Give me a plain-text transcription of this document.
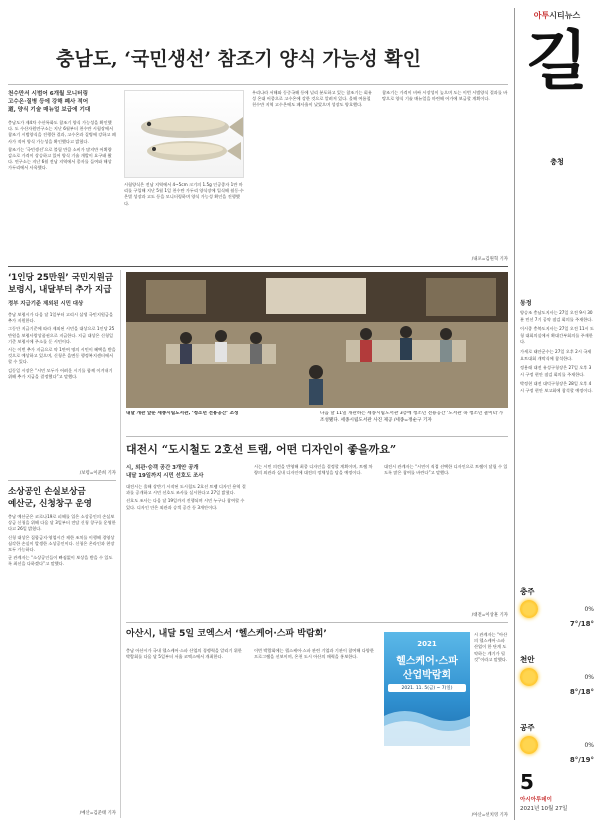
충남도, ‘국민생선’ 참조기 양식 가능성 확인
천수만서 시범어 6개월 모니터링
고수온·질병 등에 강해 폐사 적어
道, 양식 기술 매뉴얼 보급에 기대

충남도가 제4차 수산특화도 참조기 양식 가능성을 확인했다. 도 수산자원연구소는 지난 6월부터 천수만 시험장에서 참조기 시범양식을 진행한 결과, 고수온과 질병에 강하고 폐사가 적어 양식 가능성을 확인했다고 밝혔다.

참조기는 ‘국민생선’으로 불릴 만큼 소비가 많지만 어획량 감소로 가격이 상승하고 있어 양식 기술 개발이 요구돼 왔다. 연구소는 지난 6월 전남 지역에서 종자를 들여와 해상 가두리에서 사육했다.

시험양식은 전남 지역에서 4~5cm 크기의 1.5g 인공종자 1만 마리를 구입해 지난 5월 1일 천수만 가두리 양식장에 입식해 월동·수온별 성장과 고도 등을 모니터링하며 양식 가능성 확인을 진행했다.

우리나라 서해와 동중국해 등에 널리 분포하고 있는 참조기는 회유성 온대 어종으로 고수온에 강한 것으로 알려져 있다. 올해 여름철 천수만 지역 고수온에도 폐사율이 낮았으며 성장도 양호했다.

참조기는 가격이 비싸 시장성이 높으며 도는 이번 시범양식 결과를 바탕으로 양식 기술 매뉴얼을 마련해 어가에 보급할 계획이다.

/내포=김원혁 기자
‘1인당 25만원’ 국민지원금
보령시, 내달부터 추가 지급
정부 지급기준 제외된 시민 대상

충남 보령시가 다음 달 1일부터 고리시 삼생 국민지원금을 추가 지원한다.

그동안 지급기준에 따라 제외된 시민을 대상으로 1인당 25만원을 보령사랑상품권으로 지급한다. 지급 대상은 신청일 기준 보령시에 주소를 둔 시민이다.

시는 이번 추가 지급으로 약 1만여 명의 시민이 혜택을 받을 것으로 예상하고 있으며, 신청은 읍면동 행정복지센터에서 할 수 있다.

김동일 시장은 “시민 모두가 어려운 시기를 함께 이겨내기 위해 추가 지급을 결정했다”고 말했다.

/보령=이준희 기자
소상공인 손실보상금
예산군, 신청창구 운영

충남 예산군은 코로나19로 피해를 입은 소상공인의 손실보상금 신청을 위해 다음 달 3일부터 전담 신청 창구를 운영한다고 26일 밝혔다.

신청 대상은 집합금지·영업시간 제한 조치를 이행해 경영상 심각한 손실이 발생한 소상공인이다. 신청은 온라인과 현장 모두 가능하다.

군 관계자는 “소상공인들이 빠짐없이 보상을 받을 수 있도록 최선을 다하겠다”고 말했다.

/예산=김준태 기자
내달 개관 앞둔 세종시립도서관, ‘청소년 전용공간’ 조성	다음 달 11일 개관하는 세종시립도서관 3층에 청소년 전용공간 ‘도서관 속 청소년 놀이터’가 조성됐다. 세종시립도서관 사진 제공 /세종=정순구 기자
대전시 “도시철도 2호선 트램, 어떤 디자인이 좋을까요”
시, 외관·승객 공간 3개안 공개
내달 19일까지 시민 선호도 조사

대전시는 올해 상반기 시작된 도시철도 2호선 트램 디자인 용역 결과를 공개하고 시민 선호도 조사를 실시한다고 27일 밝혔다.

선호도 조사는 다음 달 19일까지 진행되며 시민 누구나 참여할 수 있다. 디자인 안은 외관과 승객 공간 등 3개안이다.

시는 시민 의견을 반영해 최종 디자인을 결정할 계획이며, 트램 차량의 외관과 실내 디자인에 대전의 정체성을 담을 예정이다.

대전시 관계자는 “시민이 직접 선택한 디자인으로 트램이 달릴 수 있도록 많은 참여를 바란다”고 말했다.

/대전=이상훈 기자
아산시, 내달 5일 코엑스서 ‘헬스케어·스파 박람회’

충남 아산시가 국내 헬스케어·스파 산업의 경쟁력을 알리기 위한 박람회를 다음 달 5일부터 서울 코엑스에서 개최한다.

이번 박람회에는 헬스케어·스파 관련 기업과 기관이 참여해 다양한 프로그램을 선보이며, 온천 도시 아산의 매력을 홍보한다.

2021
헬스케어·스파
산업박람회
2021. 11. 5(금) ~ 7(일)

시 관계자는 “아산의 헬스케어·스파 산업이 한 단계 도약하는 계기가 될 것”이라고 말했다.

/아산=선치영 기자
아투시티뉴스
길
충청
동정

양승조 충남도지사는 27일 오전 9시 30분 민선 7기 공약 점검 회의를 주재한다.

이시종 충북도지사는 27일 오전 11시 도청 대회의실에서 확대간부회의를 주재한다.

가세로 태안군수는 27일 오후 2시 국제 요트대회 개막식에 참석한다.

정용래 대전 유성구청장은 27일 오후 3시 구정 현안 점검 회의를 주재한다.

박정현 대전 대덕구청장은 28일 오후 4시 구정 현안 보고회에 참석할 예정이다.

충주
0%
7°/18°
천안
0%
8°/18°
공주
0%
8°/19°
5
아시아투데이
2021년 10월 27일
